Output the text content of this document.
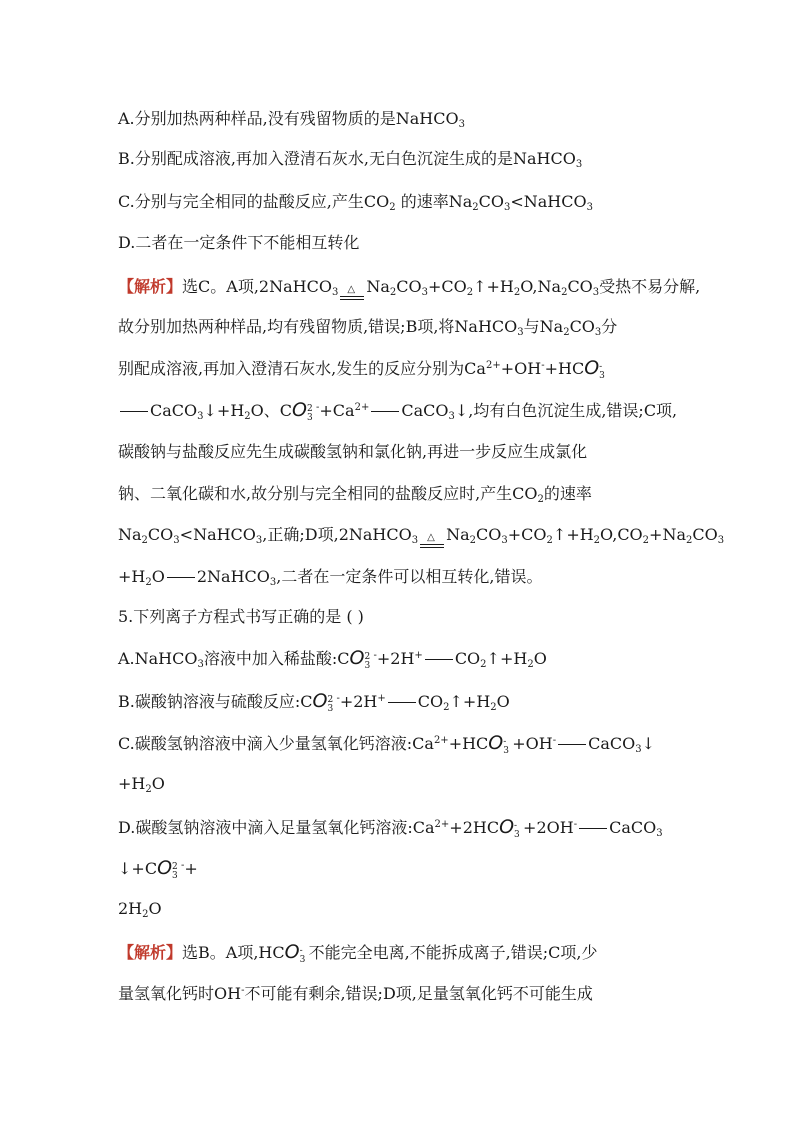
A.分别加热两种样品,没有残留物质的是NaHCO$_3$
B.分别配成溶液,再加入澄清石灰水,无白色沉淀生成的是NaHCO$_3$
C.分别与完全相同的盐酸反应,产生$CO_2$ 的速率$Na_2CO_3<NaHCO_3$
D.二者在一定条件下不能相互转化
【解析】选C。A项,2NaHCO$_3$ △ $Na_2CO_3+CO_2↑+H_2O,Na_2CO_3$受热不易分解,
故分别加热两种样品,均有残留物质,错误;B项,将NaHCO$_3$与$Na_2CO_3$分
别配成溶液,再加入澄清石灰水,发生的反应分别为$Ca^{2+}+OH^-+HCO$ -
3
$CaCO_3↓+H_2O$、CO 2
3
$^-+Ca^{2+}$ CaCO$_3$↓,均有白色沉淀生成,错误;C项,
碳酸钠与盐酸反应先生成碳酸氢钠和氯化钠,再进一步反应生成氯化
钠、二氧化碳和水,故分别与完全相同的盐酸反应时,产生$CO_2$的速率
$Na_2CO_3<NaHCO_3$,正确;D项,2NaHCO$_3$ △ $Na_2CO_3+CO_2↑+H_2O,CO_2+Na_2CO_3$
$+H_2O$ 2NaHCO$_3$,二者在一定条件可以相互转化,错误。
5.下列离子方程式书写正确的是 ( )
A.NaHCO$_3$溶液中加入稀盐酸:CO 2
3
-+2H+ $CO_2↑+H_2O$
B.碳酸钠溶液与硫酸反应:CO 2
3
-+2H+ $CO_2↑+H_2O$
C.碳酸氢钠溶液中滴入少量氢氧化钙溶液$:Ca^{2+}+HCO$ -
3 +OH- CaCO$_3$↓
$+H_2O$
D.碳酸氢钠溶液中滴入足量氢氧化钙溶液$:Ca^{2+}+2HCO$ -
3 +2OH- CaCO$_3$
↓+CO 2
3
-+
$2H_2O$
【解析】选B。A项,HCO -
3 不能完全电离,不能拆成离子,错误;C项,少
量氢氧化钙时OH-不可能有剩余,错误;D项,足量氢氧化钙不可能生成
